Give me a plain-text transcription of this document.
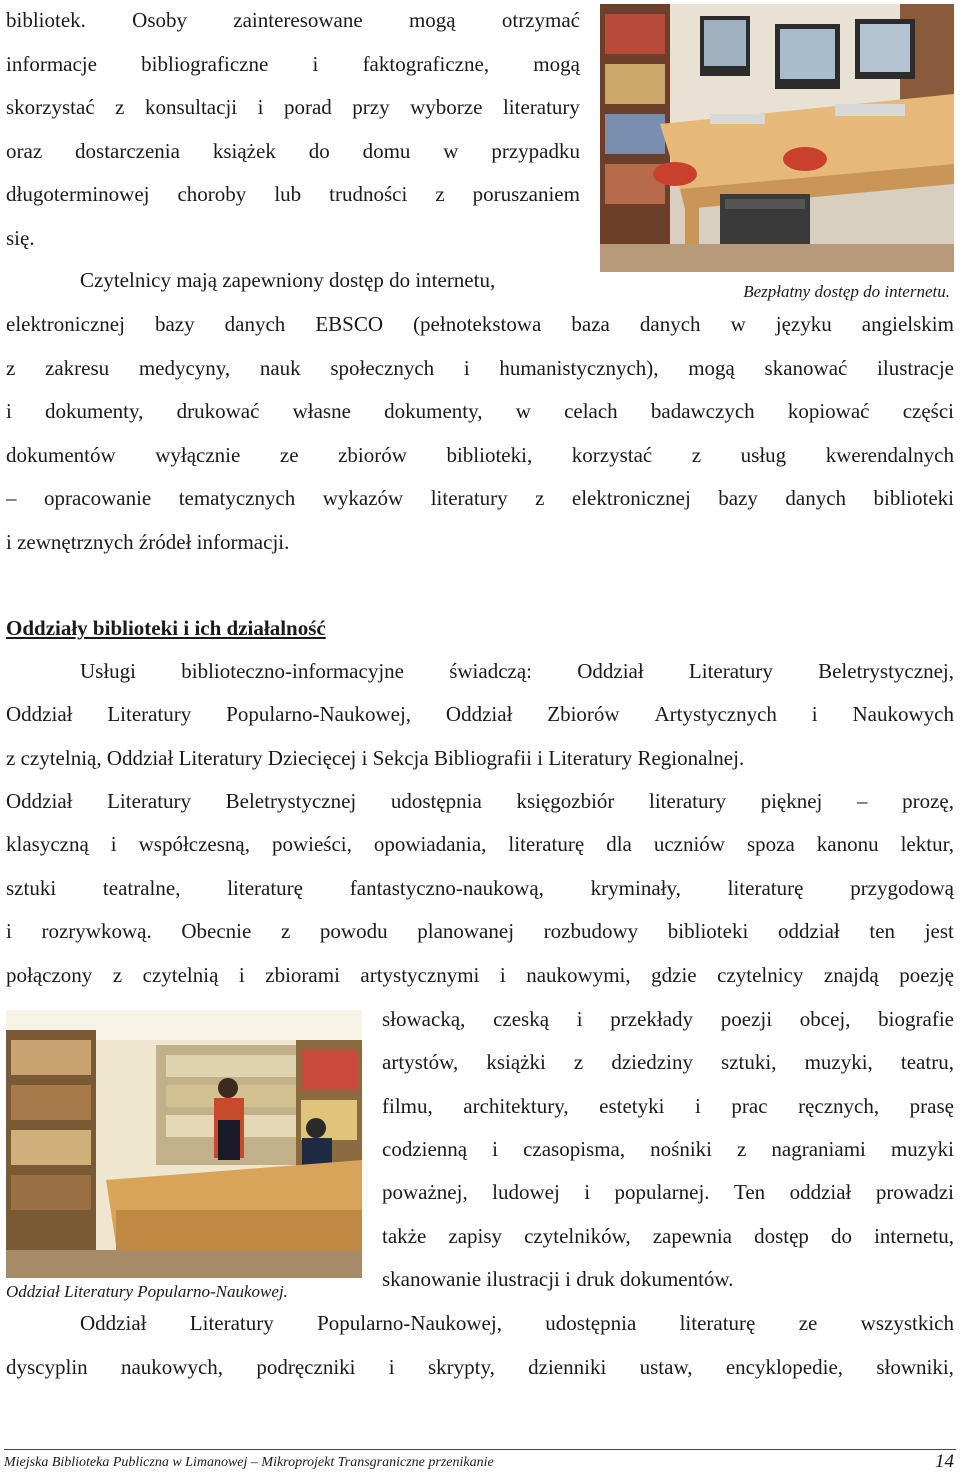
bibliotek. Osoby zainteresowane mogą otrzymać
informacje bibliograficzne i faktograficzne, mogą
skorzystać z konsultacji i porad przy wyborze literatury
oraz dostarczenia książek do domu w przypadku
długoterminowej choroby lub trudności z poruszaniem
się.
Czytelnicy mają zapewniony dostęp do internetu,
elektronicznej bazy danych EBSCO (pełnotekstowa baza danych w języku angielskim
z zakresu medycyny, nauk społecznych i humanistycznych), mogą skanować ilustracje
i dokumenty, drukować własne dokumenty, w celach badawczych kopiować części
dokumentów wyłącznie ze zbiorów biblioteki, korzystać z usług kwerendalnych
– opracowanie tematycznych wykazów literatury z elektronicznej bazy danych biblioteki
i zewnętrznych źródeł informacji.
Bezpłatny dostęp do internetu.
Oddziały biblioteki i ich działalność
Usługi biblioteczno-informacyjne świadczą: Oddział Literatury Beletrystycznej,
Oddział Literatury Popularno-Naukowej, Oddział Zbiorów Artystycznych i Naukowych
z czytelnią, Oddział Literatury Dziecięcej i Sekcja Bibliografii i Literatury Regionalnej.
Oddział Literatury Beletrystycznej udostępnia księgozbiór literatury pięknej – prozę,
klasyczną i współczesną, powieści, opowiadania, literaturę dla uczniów spoza kanonu lektur,
sztuki teatralne, literaturę fantastyczno-naukową, kryminały, literaturę przygodową
i rozrywkową. Obecnie z powodu planowanej rozbudowy biblioteki oddział ten jest
połączony z czytelnią i zbiorami artystycznymi i naukowymi, gdzie czytelnicy znajdą poezję
słowacką, czeską i przekłady poezji obcej, biografie
artystów, książki z dziedziny sztuki, muzyki, teatru,
filmu, architektury, estetyki i prac ręcznych, prasę
codzienną i czasopisma, nośniki z nagraniami muzyki
poważnej, ludowej i popularnej. Ten oddział prowadzi
także zapisy czytelników, zapewnia dostęp do internetu,
skanowanie ilustracji i druk dokumentów.
Oddział Literatury Popularno-Naukowej.
Oddział Literatury Popularno-Naukowej, udostępnia literaturę ze wszystkich
dyscyplin naukowych, podręczniki i skrypty, dzienniki ustaw, encyklopedie, słowniki,
Miejska Biblioteka Publiczna w Limanowej – Mikroprojekt Transgraniczne przenikanie	14
